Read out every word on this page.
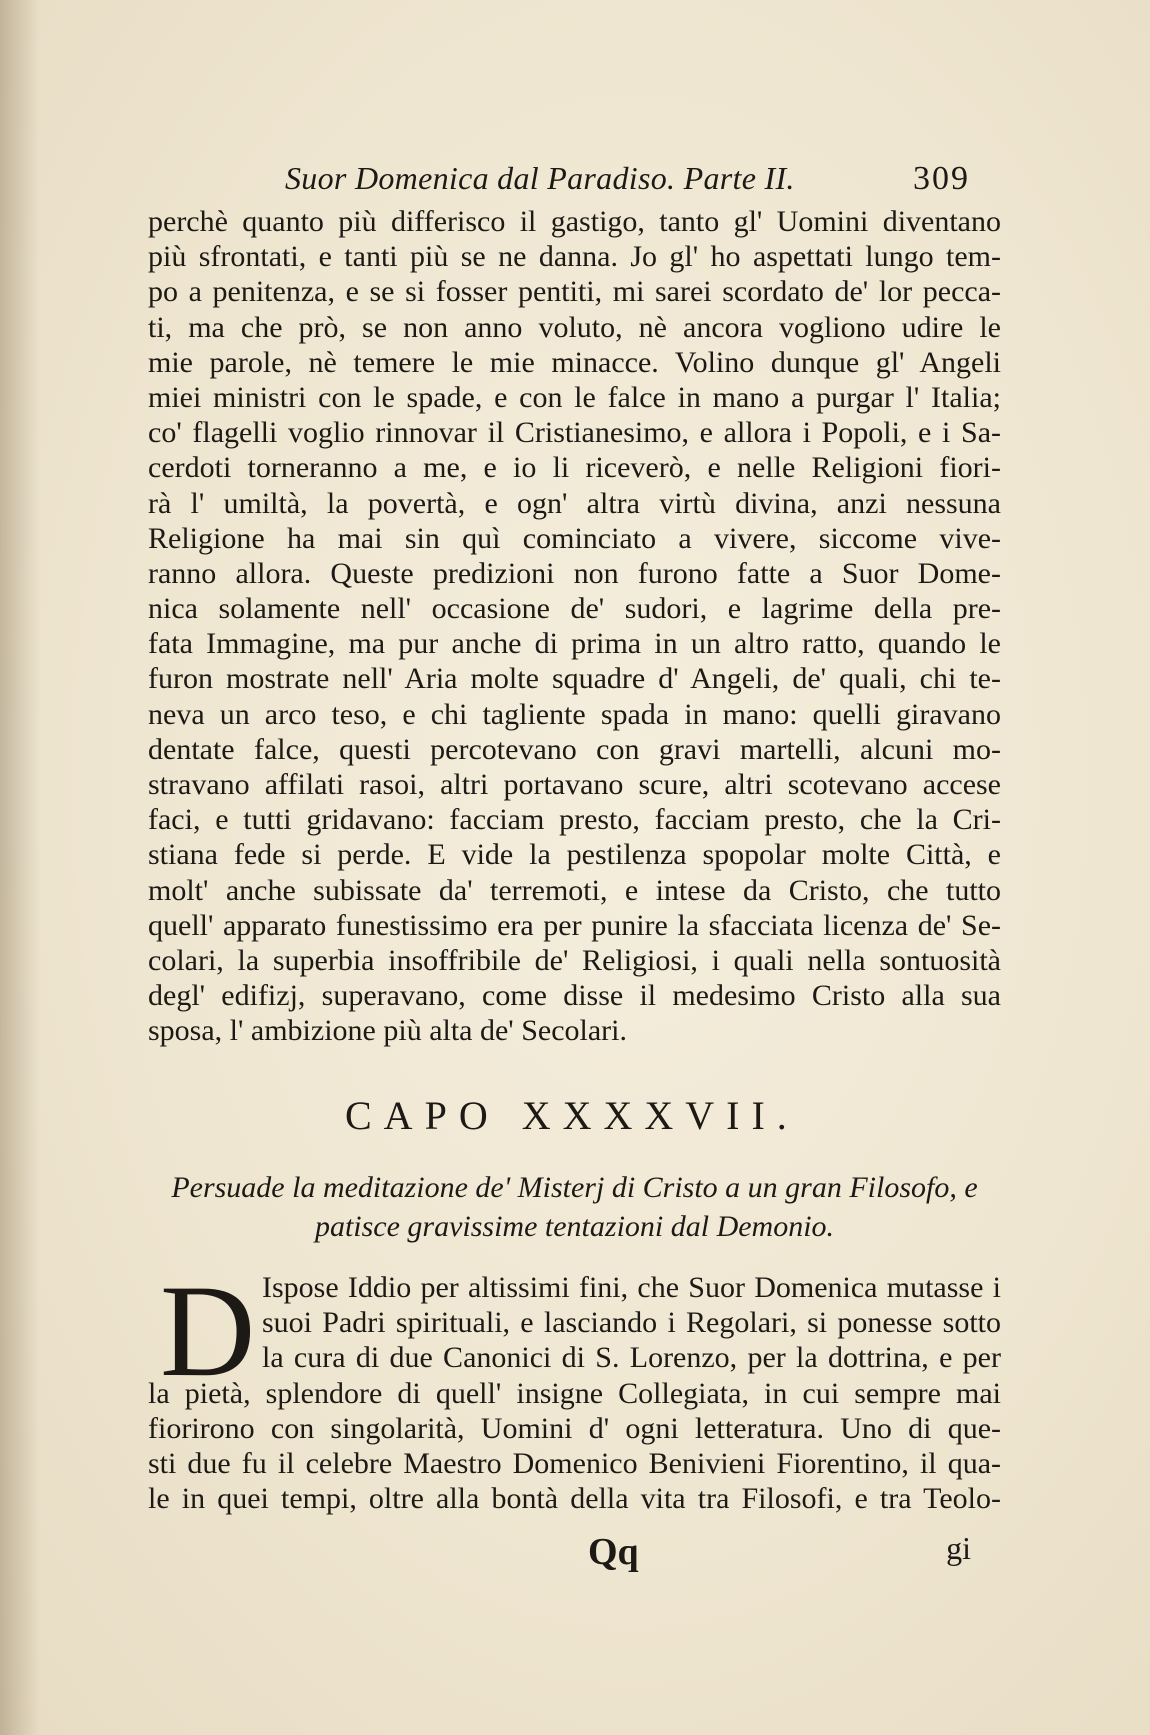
Suor Domenica dal Paradiso. Parte II.	309
perchè quanto più differisco il gastigo, tanto gl' Uomini diventano
più sfrontati, e tanti più se ne danna. Jo gl' ho aspettati lungo tem-
po a penitenza, e se si fosser pentiti, mi sarei scordato de' lor pecca-
ti, ma che prò, se non anno voluto, nè ancora vogliono udire le
mie parole, nè temere le mie minacce. Volino dunque gl' Angeli
miei ministri con le spade, e con le falce in mano a purgar l' Italia;
co' flagelli voglio rinnovar il Cristianesimo, e allora i Popoli, e i Sa-
cerdoti torneranno a me, e io li riceverò, e nelle Religioni fiori-
rà l' umiltà, la povertà, e ogn' altra virtù divina, anzi nessuna
Religione ha mai sin quì cominciato a vivere, siccome vive-
ranno allora. Queste predizioni non furono fatte a Suor Dome-
nica solamente nell' occasione de' sudori, e lagrime della pre-
fata Immagine, ma pur anche di prima in un altro ratto, quando le
furon mostrate nell' Aria molte squadre d' Angeli, de' quali, chi te-
neva un arco teso, e chi tagliente spada in mano: quelli giravano
dentate falce, questi percotevano con gravi martelli, alcuni mo-
stravano affilati rasoi, altri portavano scure, altri scotevano accese
faci, e tutti gridavano: facciam presto, facciam presto, che la Cri-
stiana fede si perde. E vide la pestilenza spopolar molte Città, e
molt' anche subissate da' terremoti, e intese da Cristo, che tutto
quell' apparato funestissimo era per punire la sfacciata licenza de' Se-
colari, la superbia insoffribile de' Religiosi, i quali nella sontuosità
degl' edifizj, superavano, come disse il medesimo Cristo alla sua
sposa, l' ambizione più alta de' Secolari.
CAPO XXXXVII.
Persuade la meditazione de' Misterj di Cristo a un gran Filosofo, e
patisce gravissime tentazioni dal Demonio.
D Ispose Iddio per altissimi fini, che Suor Domenica mutasse i
suoi Padri spirituali, e lasciando i Regolari, si ponesse sotto
la cura di due Canonici di S. Lorenzo, per la dottrina, e per
la pietà, splendore di quell' insigne Collegiata, in cui sempre mai
fiorirono con singolarità, Uomini d' ogni letteratura. Uno di que-
sti due fu il celebre Maestro Domenico Benivieni Fiorentino, il qua-
le in quei tempi, oltre alla bontà della vita tra Filosofi, e tra Teolo-
Qq	gi
